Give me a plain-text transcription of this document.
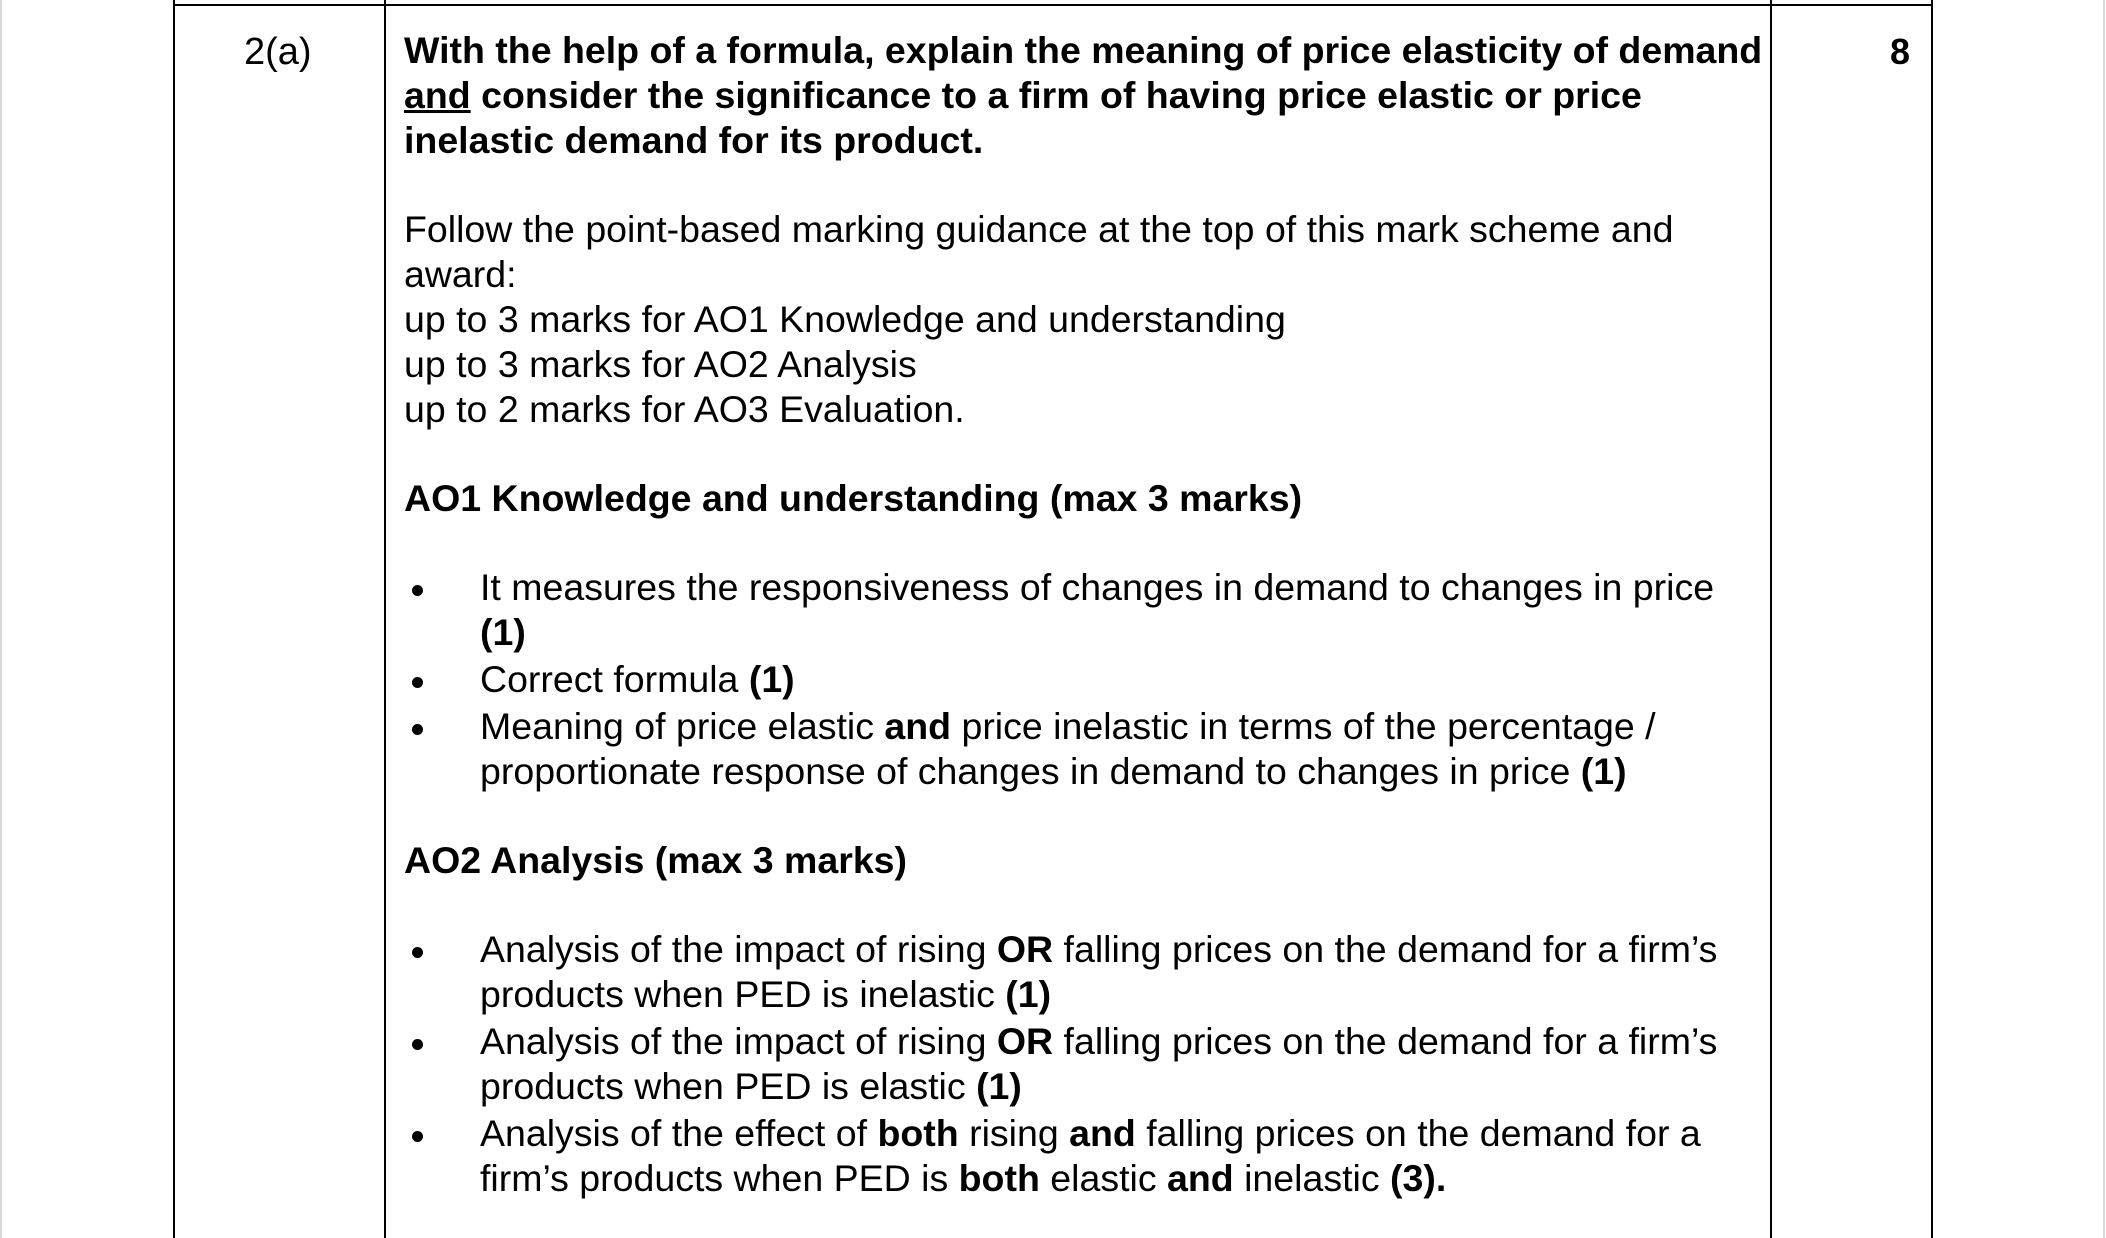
2(a)	8
With the help of a formula, explain the meaning of price elasticity of demand and consider the significance to a firm of having price elastic or price inelastic demand for its product.
Follow the point-based marking guidance at the top of this mark scheme and award:
up to 3 marks for AO1 Knowledge and understanding
up to 3 marks for AO2 Analysis
up to 2 marks for AO3 Evaluation.
AO1 Knowledge and understanding (max 3 marks)
It measures the responsiveness of changes in demand to changes in price (1)
Correct formula (1)
Meaning of price elastic and price inelastic in terms of the percentage / proportionate response of changes in demand to changes in price (1)
AO2 Analysis (max 3 marks)
Analysis of the impact of rising OR falling prices on the demand for a firm’s products when PED is inelastic (1)
Analysis of the impact of rising OR falling prices on the demand for a firm’s products when PED is elastic (1)
Analysis of the effect of both rising and falling prices on the demand for a firm’s products when PED is both elastic and inelastic (3).
